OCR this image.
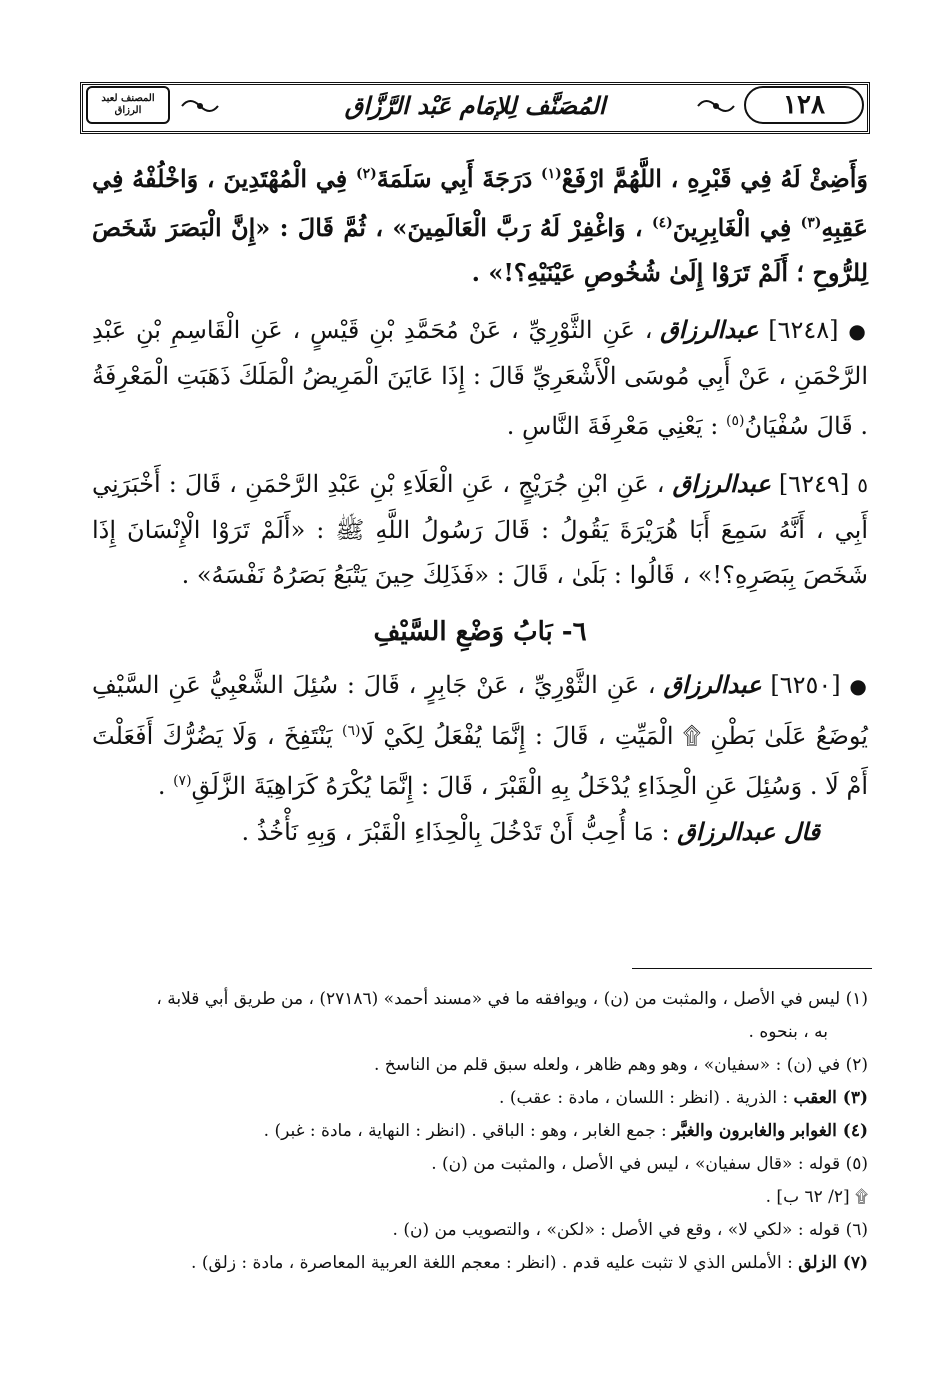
١٢٨
المُصَنَّف لِلإمَام عَبْد الرَّزَّاق
المصنف لعبد الرزاق

وَأَضِئْ لَهُ فِي قَبْرِهِ ، اللَّهُمَّ ارْفَعْ$^{(١)}$ دَرَجَةَ أَبِي سَلَمَةَ$^{(٢)}$ فِي الْمُهْتَدِينَ ، وَاخْلُفْهُ فِي عَقِبِهِ$^{(٣)}$ فِي الْغَابِرِينَ$^{(٤)}$ ، وَاغْفِرْ لَهُ رَبَّ الْعَالَمِينَ» ، ثُمَّ قَالَ : «إِنَّ الْبَصَرَ شَخَصَ لِلرُّوحِ ؛ أَلَمْ تَرَوْا إِلَىٰ شُخُوصِ عَيْنَيْهِ؟!» .

● [٦٢٤٨] عبدالرزاق ، عَنِ الثَّوْرِيِّ ، عَنْ مُحَمَّدِ بْنِ قَيْسٍ ، عَنِ الْقَاسِمِ بْنِ عَبْدِ الرَّحْمَنِ ، عَنْ أَبِي مُوسَى الْأَشْعَرِيِّ قَالَ : إِذَا عَايَنَ الْمَرِيضُ الْمَلَكَ ذَهَبَتِ الْمَعْرِفَةُ . قَالَ سُفْيَانُ$^{(٥)}$ : يَعْنِي مَعْرِفَةَ النَّاسِ .

٥ [٦٢٤٩] عبدالرزاق ، عَنِ ابْنِ جُرَيْجٍ ، عَنِ الْعَلَاءِ بْنِ عَبْدِ الرَّحْمَنِ ، قَالَ : أَخْبَرَنِي أَبِي ، أَنَّهُ سَمِعَ أَبَا هُرَيْرَةَ يَقُولُ : قَالَ رَسُولُ اللَّهِ ﷺ : «أَلَمْ تَرَوْا الْإِنْسَانَ إِذَا شَخَصَ بِبَصَرِهِ؟!» ، قَالُوا : بَلَىٰ ، قَالَ : «فَذَلِكَ حِينَ يَتْبَعُ بَصَرُهُ نَفْسَهُ» .

٦- بَابُ وَضْعِ السَّيْفِ

● [٦٢٥٠] عبدالرزاق ، عَنِ الثَّوْرِيِّ ، عَنْ جَابِرٍ ، قَالَ : سُئِلَ الشَّعْبِيُّ عَنِ السَّيْفِ يُوضَعُ عَلَىٰ بَطْنِ ۩ الْمَيِّتِ ، قَالَ : إِنَّمَا يُفْعَلُ لِكَيْ لَا$^{(٦)}$ يَنْتَفِخَ ، وَلَا يَضُرُّكَ أَفَعَلْتَ أَمْ لَا . وَسُئِلَ عَنِ الْحِذَاءِ يُدْخَلُ بِهِ الْقَبْرَ ، قَالَ : إِنَّمَا يُكْرَهُ كَرَاهِيَةَ الزَّلَقِ$^{(٧)}$ .

قال عبدالرزاق : مَا أُحِبُّ أَنْ تَدْخُلَ بِالْحِذَاءِ الْقَبْرَ ، وَبِهِ نَأْخُذُ .

(١) ليس في الأصل ، والمثبت من (ن) ، ويوافقه ما في «مسند أحمد» (٢٧١٨٦) ، من طريق أبي قلابة ،

به ، بنحوه .

(٢) في (ن) : «سفيان» ، وهو وهم ظاهر ، ولعله سبق قلم من الناسخ .

(٣) العقب : الذرية . (انظر : اللسان ، مادة : عقب) .

(٤) الغوابر والغابرون والغبَّر : جمع الغابر ، وهو : الباقي . (انظر : النهاية ، مادة : غبر) .

(٥) قوله : «قال سفيان» ، ليس في الأصل ، والمثبت من (ن) .

۩ [٢/ ٦٢ ب] .

(٦) قوله : «لكي لا» ، وقع في الأصل : «لكن» ، والتصويب من (ن) .

(٧) الزلق : الأملس الذي لا تثبت عليه قدم . (انظر : معجم اللغة العربية المعاصرة ، مادة : زلق) .
